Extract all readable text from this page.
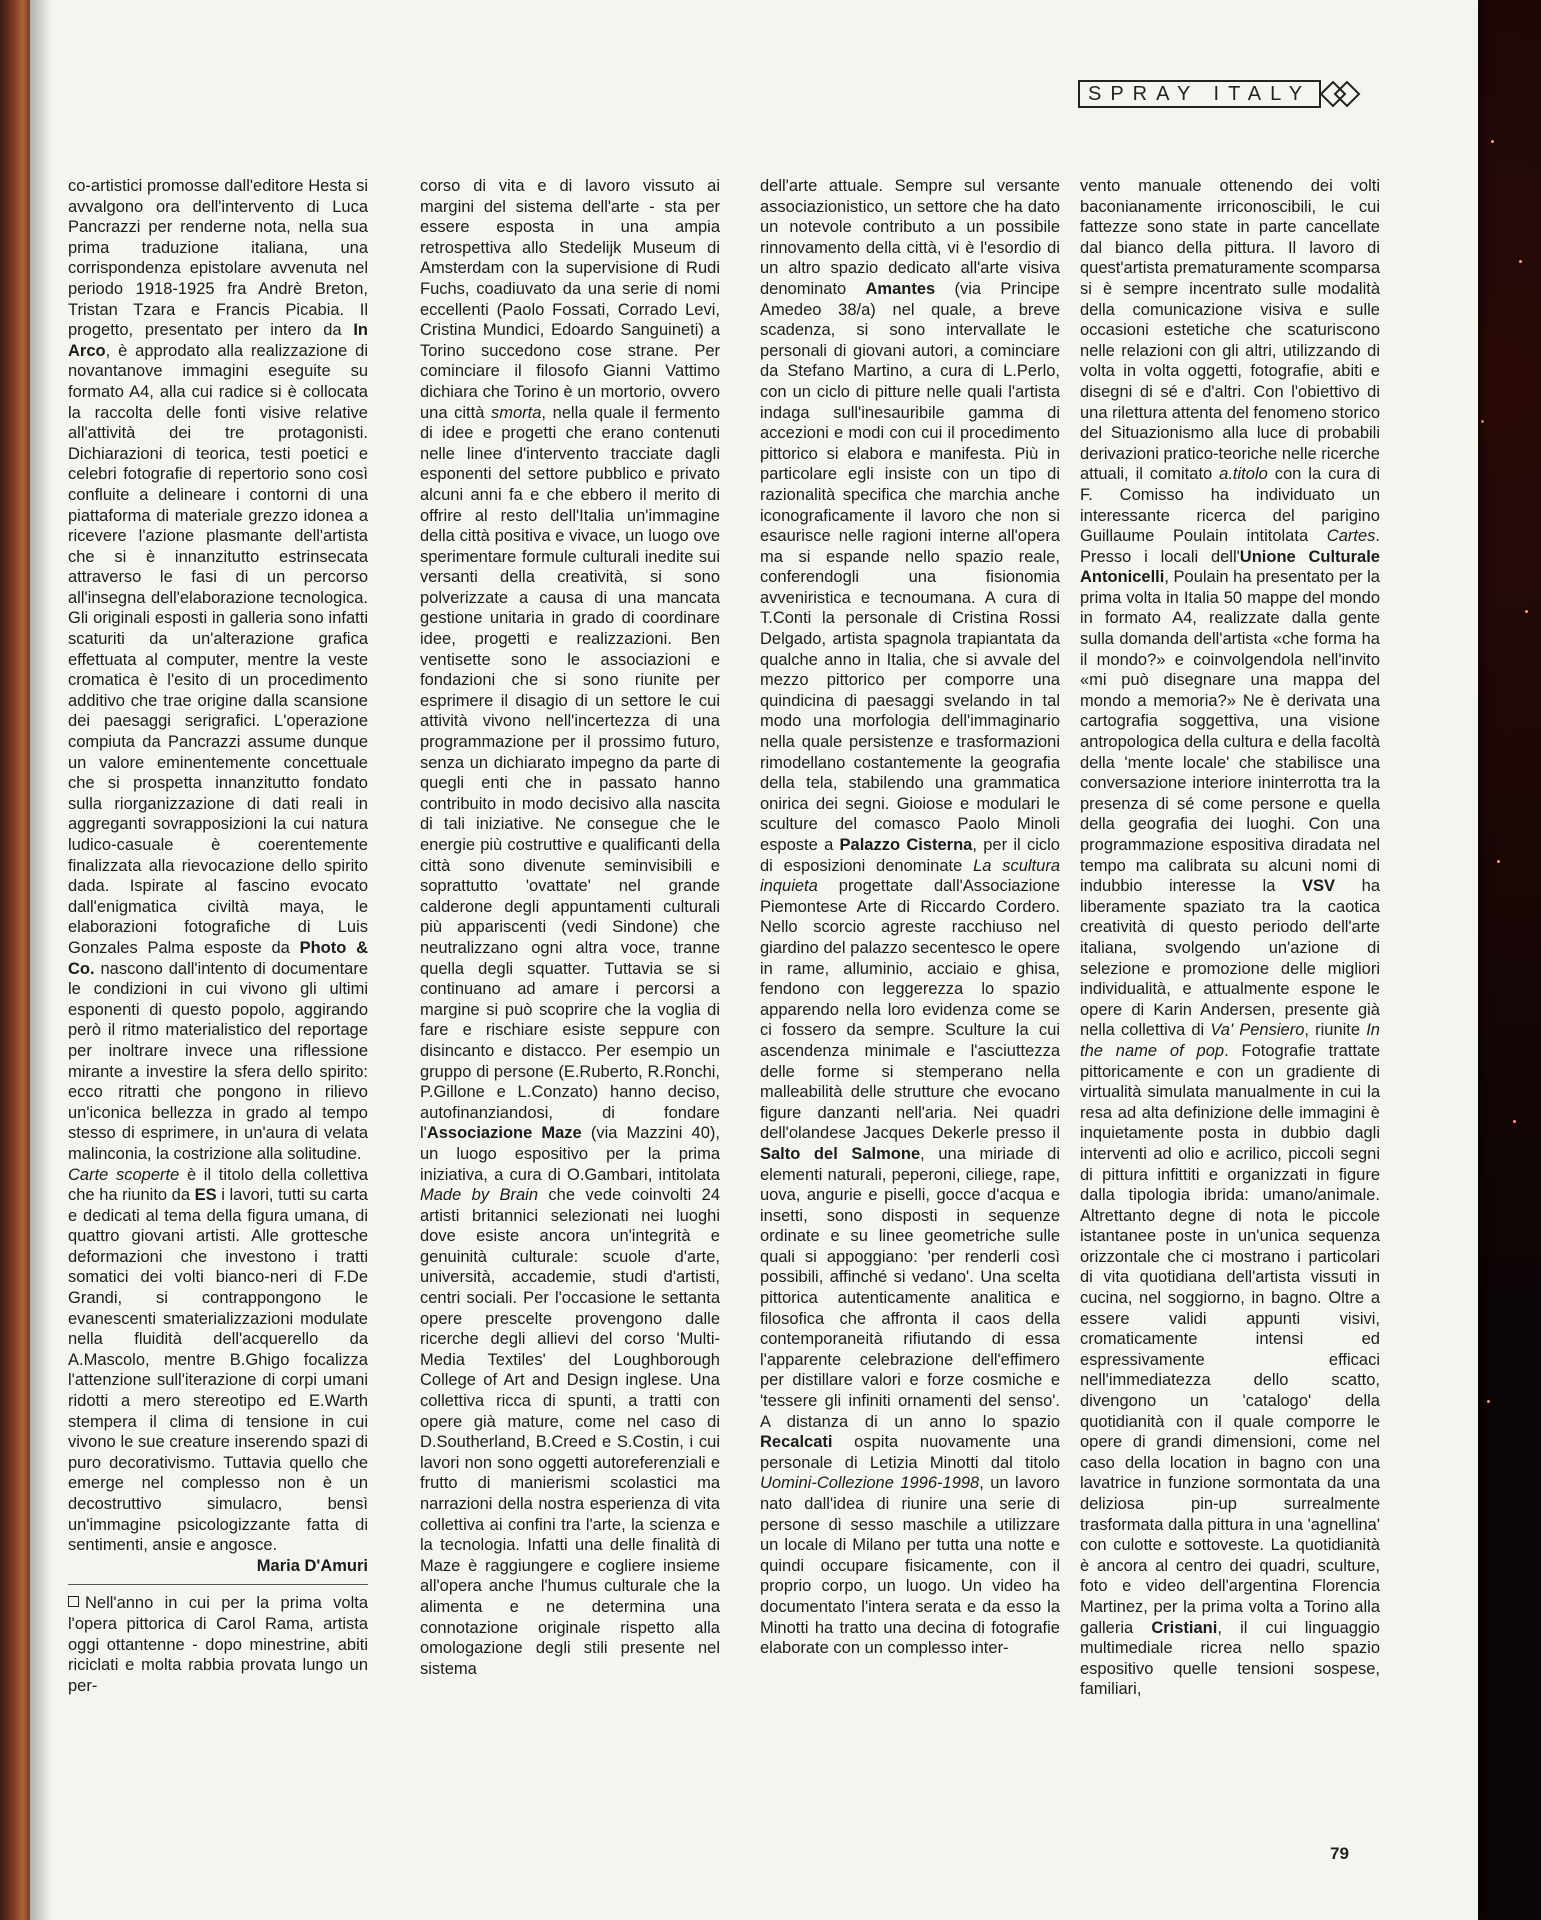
SPRAY ITALY

co-artistici promosse dall'editore Hesta si avvalgono ora dell'intervento di Luca Pancrazzi per renderne nota, nella sua prima traduzione italiana, una corrispondenza epistolare avvenuta nel periodo 1918-1925 fra Andrè Breton, Tristan Tzara e Francis Picabia. Il progetto, presentato per intero da In Arco, è approdato alla realizzazione di novantanove immagini eseguite su formato A4, alla cui radice si è collocata la raccolta delle fonti visive relative all'attività dei tre protagonisti. Dichiarazioni di teorica, testi poetici e celebri fotografie di repertorio sono così confluite a delineare i contorni di una piattaforma di materiale grezzo idonea a ricevere l'azione plasmante dell'artista che si è innanzitutto estrinsecata attraverso le fasi di un percorso all'insegna dell'elaborazione tecnologica. Gli originali esposti in galleria sono infatti scaturiti da un'alterazione grafica effettuata al computer, mentre la veste cromatica è l'esito di un procedimento additivo che trae origine dalla scansione dei paesaggi serigrafici. L'operazione compiuta da Pancrazzi assume dunque un valore eminentemente concettuale che si prospetta innanzitutto fondato sulla riorganizzazione di dati reali in aggreganti sovrapposizioni la cui natura ludico-casuale è coerentemente finalizzata alla rievocazione dello spirito dada. Ispirate al fascino evocato dall'enigmatica civiltà maya, le elaborazioni fotografiche di Luis Gonzales Palma esposte da Photo & Co. nascono dall'intento di documentare le condizioni in cui vivono gli ultimi esponenti di questo popolo, aggirando però il ritmo materialistico del reportage per inoltrare invece una riflessione mirante a investire la sfera dello spirito: ecco ritratti che pongono in rilievo un'iconica bellezza in grado al tempo stesso di esprimere, in un'aura di velata malinconia, la costrizione alla solitudine.

Carte scoperte è il titolo della collettiva che ha riunito da ES i lavori, tutti su carta e dedicati al tema della figura umana, di quattro giovani artisti. Alle grottesche deformazioni che investono i tratti somatici dei volti bianco-neri di F.De Grandi, si contrappongono le evanescenti smaterializzazioni modulate nella fluidità dell'acquerello da A.Mascolo, mentre B.Ghigo focalizza l'attenzione sull'iterazione di corpi umani ridotti a mero stereotipo ed E.Warth stempera il clima di tensione in cui vivono le sue creature inserendo spazi di puro decorativismo. Tuttavia quello che emerge nel complesso non è un decostruttivo simulacro, bensì un'immagine psicologizzante fatta di sentimenti, ansie e angosce.

Maria D'Amuri

Nell'anno in cui per la prima volta l'opera pittorica di Carol Rama, artista oggi ottantenne - dopo minestrine, abiti riciclati e molta rabbia provata lungo un per-

corso di vita e di lavoro vissuto ai margini del sistema dell'arte - sta per essere esposta in una ampia retrospettiva allo Stedelijk Museum di Amsterdam con la supervisione di Rudi Fuchs, coadiuvato da una serie di nomi eccellenti (Paolo Fossati, Corrado Levi, Cristina Mundici, Edoardo Sanguineti) a Torino succedono cose strane. Per cominciare il filosofo Gianni Vattimo dichiara che Torino è un mortorio, ovvero una città smorta, nella quale il fermento di idee e progetti che erano contenuti nelle linee d'intervento tracciate dagli esponenti del settore pubblico e privato alcuni anni fa e che ebbero il merito di offrire al resto dell'Italia un'immagine della città positiva e vivace, un luogo ove sperimentare formule culturali inedite sui versanti della creatività, si sono polverizzate a causa di una mancata gestione unitaria in grado di coordinare idee, progetti e realizzazioni. Ben ventisette sono le associazioni e fondazioni che si sono riunite per esprimere il disagio di un settore le cui attività vivono nell'incertezza di una programmazione per il prossimo futuro, senza un dichiarato impegno da parte di quegli enti che in passato hanno contribuito in modo decisivo alla nascita di tali iniziative. Ne consegue che le energie più costruttive e qualificanti della città sono divenute seminvisibili e soprattutto 'ovattate' nel grande calderone degli appuntamenti culturali più appariscenti (vedi Sindone) che neutralizzano ogni altra voce, tranne quella degli squatter. Tuttavia se si continuano ad amare i percorsi a margine si può scoprire che la voglia di fare e rischiare esiste seppure con disincanto e distacco. Per esempio un gruppo di persone (E.Ruberto, R.Ronchi, P.Gillone e L.Conzato) hanno deciso, autofinanziandosi, di fondare l'Associazione Maze (via Mazzini 40), un luogo espositivo per la prima iniziativa, a cura di O.Gambari, intitolata Made by Brain che vede coinvolti 24 artisti britannici selezionati nei luoghi dove esiste ancora un'integrità e genuinità culturale: scuole d'arte, università, accademie, studi d'artisti, centri sociali. Per l'occasione le settanta opere prescelte provengono dalle ricerche degli allievi del corso 'Multi-Media Textiles' del Loughborough College of Art and Design inglese. Una collettiva ricca di spunti, a tratti con opere già mature, come nel caso di D.Southerland, B.Creed e S.Costin, i cui lavori non sono oggetti autoreferenziali e frutto di manierismi scolastici ma narrazioni della nostra esperienza di vita collettiva ai confini tra l'arte, la scienza e la tecnologia. Infatti una delle finalità di Maze è raggiungere e cogliere insieme all'opera anche l'humus culturale che la alimenta e ne determina una connotazione originale rispetto alla omologazione degli stili presente nel sistema

dell'arte attuale. Sempre sul versante associazionistico, un settore che ha dato un notevole contributo a un possibile rinnovamento della città, vi è l'esordio di un altro spazio dedicato all'arte visiva denominato Amantes (via Principe Amedeo 38/a) nel quale, a breve scadenza, si sono intervallate le personali di giovani autori, a cominciare da Stefano Martino, a cura di L.Perlo, con un ciclo di pitture nelle quali l'artista indaga sull'inesauribile gamma di accezioni e modi con cui il procedimento pittorico si elabora e manifesta. Più in particolare egli insiste con un tipo di razionalità specifica che marchia anche iconograficamente il lavoro che non si esaurisce nelle ragioni interne all'opera ma si espande nello spazio reale, conferendogli una fisionomia avveniristica e tecnoumana. A cura di T.Conti la personale di Cristina Rossi Delgado, artista spagnola trapiantata da qualche anno in Italia, che si avvale del mezzo pittorico per comporre una quindicina di paesaggi svelando in tal modo una morfologia dell'immaginario nella quale persistenze e trasformazioni rimodellano costantemente la geografia della tela, stabilendo una grammatica onirica dei segni. Gioiose e modulari le sculture del comasco Paolo Minoli esposte a Palazzo Cisterna, per il ciclo di esposizioni denominate La scultura inquieta progettate dall'Associazione Piemontese Arte di Riccardo Cordero. Nello scorcio agreste racchiuso nel giardino del palazzo secentesco le opere in rame, alluminio, acciaio e ghisa, fendono con leggerezza lo spazio apparendo nella loro evidenza come se ci fossero da sempre. Sculture la cui ascendenza minimale e l'asciuttezza delle forme si stemperano nella malleabilità delle strutture che evocano figure danzanti nell'aria. Nei quadri dell'olandese Jacques Dekerle presso il Salto del Salmone, una miriade di elementi naturali, peperoni, ciliege, rape, uova, angurie e piselli, gocce d'acqua e insetti, sono disposti in sequenze ordinate e su linee geometriche sulle quali si appoggiano: 'per renderli così possibili, affinché si vedano'. Una scelta pittorica autenticamente analitica e filosofica che affronta il caos della contemporaneità rifiutando di essa l'apparente celebrazione dell'effimero per distillare valori e forze cosmiche e 'tessere gli infiniti ornamenti del senso'. A distanza di un anno lo spazio Recalcati ospita nuovamente una personale di Letizia Minotti dal titolo Uomini-Collezione 1996-1998, un lavoro nato dall'idea di riunire una serie di persone di sesso maschile a utilizzare un locale di Milano per tutta una notte e quindi occupare fisicamente, con il proprio corpo, un luogo. Un video ha documentato l'intera serata e da esso la Minotti ha tratto una decina di fotografie elaborate con un complesso inter-

vento manuale ottenendo dei volti baconianamente irriconoscibili, le cui fattezze sono state in parte cancellate dal bianco della pittura. Il lavoro di quest'artista prematuramente scomparsa si è sempre incentrato sulle modalità della comunicazione visiva e sulle occasioni estetiche che scaturiscono nelle relazioni con gli altri, utilizzando di volta in volta oggetti, fotografie, abiti e disegni di sé e d'altri. Con l'obiettivo di una rilettura attenta del fenomeno storico del Situazionismo alla luce di probabili derivazioni pratico-teoriche nelle ricerche attuali, il comitato a.titolo con la cura di F. Comisso ha individuato un interessante ricerca del parigino Guillaume Poulain intitolata Cartes. Presso i locali dell'Unione Culturale Antonicelli, Poulain ha presentato per la prima volta in Italia 50 mappe del mondo in formato A4, realizzate dalla gente sulla domanda dell'artista «che forma ha il mondo?» e coinvolgendola nell'invito «mi può disegnare una mappa del mondo a memoria?» Ne è derivata una cartografia soggettiva, una visione antropologica della cultura e della facoltà della 'mente locale' che stabilisce una conversazione interiore ininterrotta tra la presenza di sé come persone e quella della geografia dei luoghi. Con una programmazione espositiva diradata nel tempo ma calibrata su alcuni nomi di indubbio interesse la VSV ha liberamente spaziato tra la caotica creatività di questo periodo dell'arte italiana, svolgendo un'azione di selezione e promozione delle migliori individualità, e attualmente espone le opere di Karin Andersen, presente già nella collettiva di Va' Pensiero, riunite In the name of pop. Fotografie trattate pittoricamente e con un gradiente di virtualità simulata manualmente in cui la resa ad alta definizione delle immagini è inquietamente posta in dubbio dagli interventi ad olio e acrilico, piccoli segni di pittura infittiti e organizzati in figure dalla tipologia ibrida: umano/animale. Altrettanto degne di nota le piccole istantanee poste in un'unica sequenza orizzontale che ci mostrano i particolari di vita quotidiana dell'artista vissuti in cucina, nel soggiorno, in bagno. Oltre a essere validi appunti visivi, cromaticamente intensi ed espressivamente efficaci nell'immediatezza dello scatto, divengono un 'catalogo' della quotidianità con il quale comporre le opere di grandi dimensioni, come nel caso della location in bagno con una lavatrice in funzione sormontata da una deliziosa pin-up surrealmente trasformata dalla pittura in una 'agnellina' con culotte e sottoveste. La quotidianità è ancora al centro dei quadri, sculture, foto e video dell'argentina Florencia Martinez, per la prima volta a Torino alla galleria Cristiani, il cui linguaggio multimediale ricrea nello spazio espositivo quelle tensioni sospese, familiari,

79
